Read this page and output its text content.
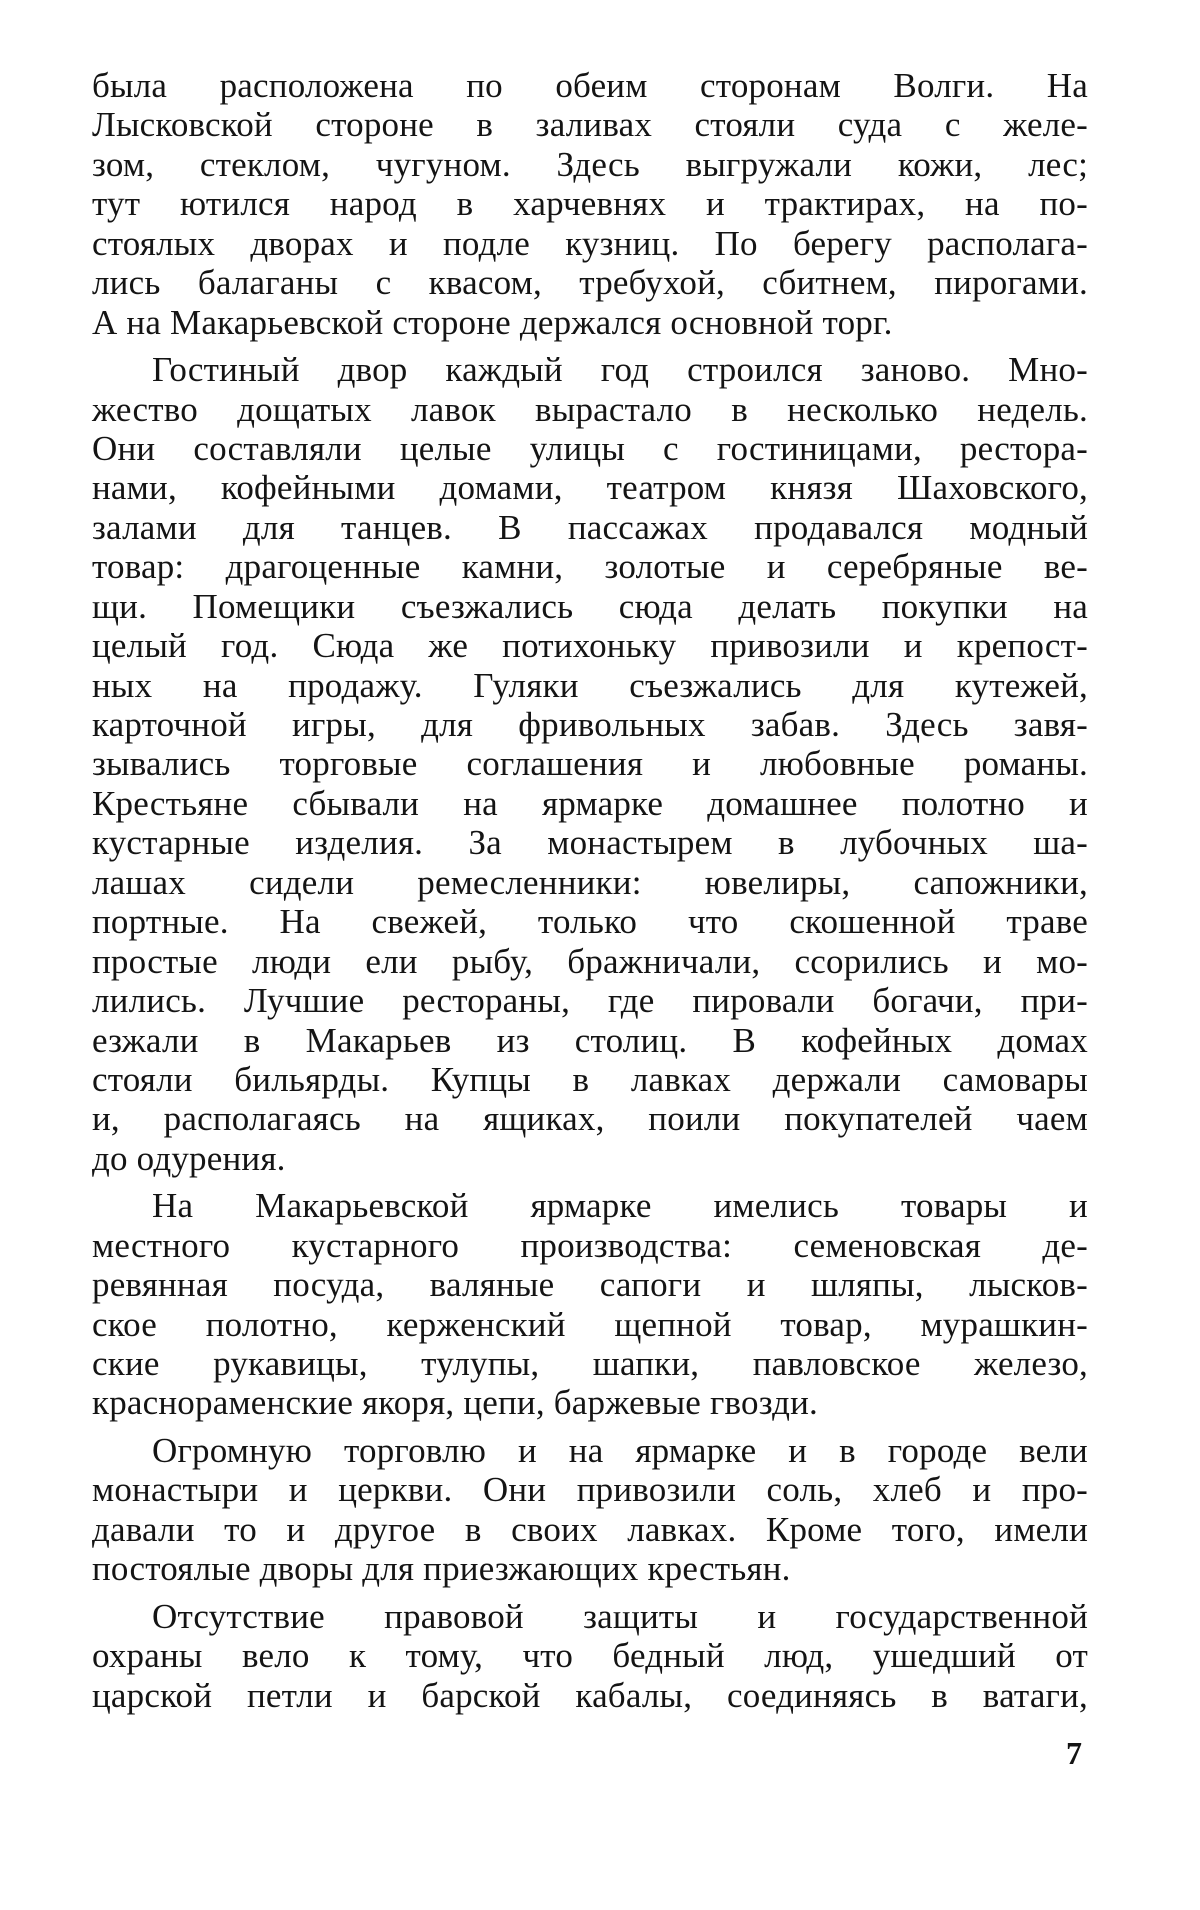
была расположена по обеим сторонам Волги. На
Лысковской стороне в заливах стояли суда с желе-
зом, стеклом, чугуном. Здесь выгружали кожи, лес;
тут ютился народ в харчевнях и трактирах, на по-
стоялых дворах и подле кузниц. По берегу располага-
лись балаганы с квасом, требухой, сбитнем, пирогами.
А на Макарьевской стороне держался основной торг.
Гостиный двор каждый год строился заново. Мно-
жество дощатых лавок вырастало в несколько недель.
Они составляли целые улицы с гостиницами, рестора-
нами, кофейными домами, театром князя Шаховского,
залами для танцев. В пассажах продавался модный
товар: драгоценные камни, золотые и серебряные ве-
щи. Помещики съезжались сюда делать покупки на
целый год. Сюда же потихоньку привозили и крепост-
ных на продажу. Гуляки съезжались для кутежей,
карточной игры, для фривольных забав. Здесь завя-
зывались торговые соглашения и любовные романы.
Крестьяне сбывали на ярмарке домашнее полотно и
кустарные изделия. За монастырем в лубочных ша-
лашах сидели ремесленники: ювелиры, сапожники,
портные. На свежей, только что скошенной траве
простые люди ели рыбу, бражничали, ссорились и мо-
лились. Лучшие рестораны, где пировали богачи, при-
езжали в Макарьев из столиц. В кофейных домах
стояли бильярды. Купцы в лавках держали самовары
и, располагаясь на ящиках, поили покупателей чаем
до одурения.
На Макарьевской ярмарке имелись товары и
местного кустарного производства: семеновская де-
ревянная посуда, валяные сапоги и шляпы, лысков-
ское полотно, керженский щепной товар, мурашкин-
ские рукавицы, тулупы, шапки, павловское железо,
краснораменские якоря, цепи, баржевые гвозди.
Огромную торговлю и на ярмарке и в городе вели
монастыри и церкви. Они привозили соль, хлеб и про-
давали то и другое в своих лавках. Кроме того, имели
постоялые дворы для приезжающих крестьян.
Отсутствие правовой защиты и государственной
охраны вело к тому, что бедный люд, ушедший от
царской петли и барской кабалы, соединяясь в ватаги,
7
